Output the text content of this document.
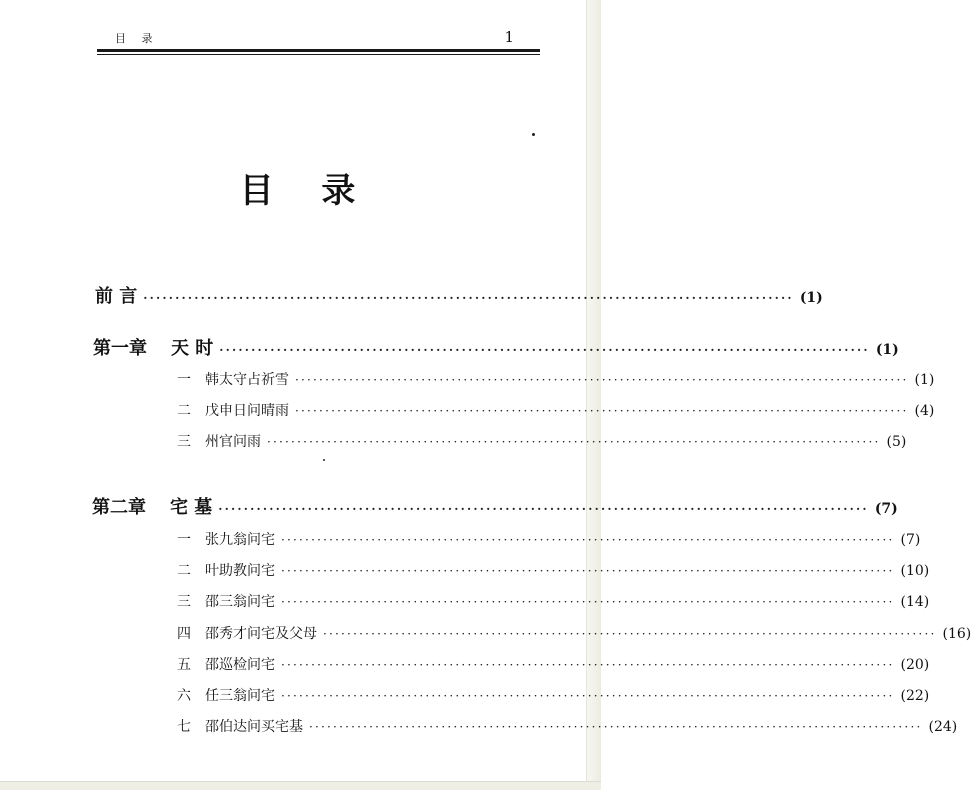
目 录	1
目 录
前 言 ······································································································ (1)
第一章 天 时 ······································································································ (1)
一 韩太守占祈雪 ······································································································ (1)
二 戊申日问晴雨 ······································································································ (4)
三 州官问雨 ······································································································ (5)
第二章 宅 墓 ······································································································ (7)
一 张九翁问宅 ······································································································ (7)
二 叶助教问宅 ······································································································ (10)
三 邵三翁问宅 ······································································································ (14)
四 邵秀才问宅及父母 ······································································································ (16)
五 邵巡检问宅 ······································································································ (20)
六 任三翁问宅 ······································································································ (22)
七 邵伯达问买宅基 ······································································································ (24)
